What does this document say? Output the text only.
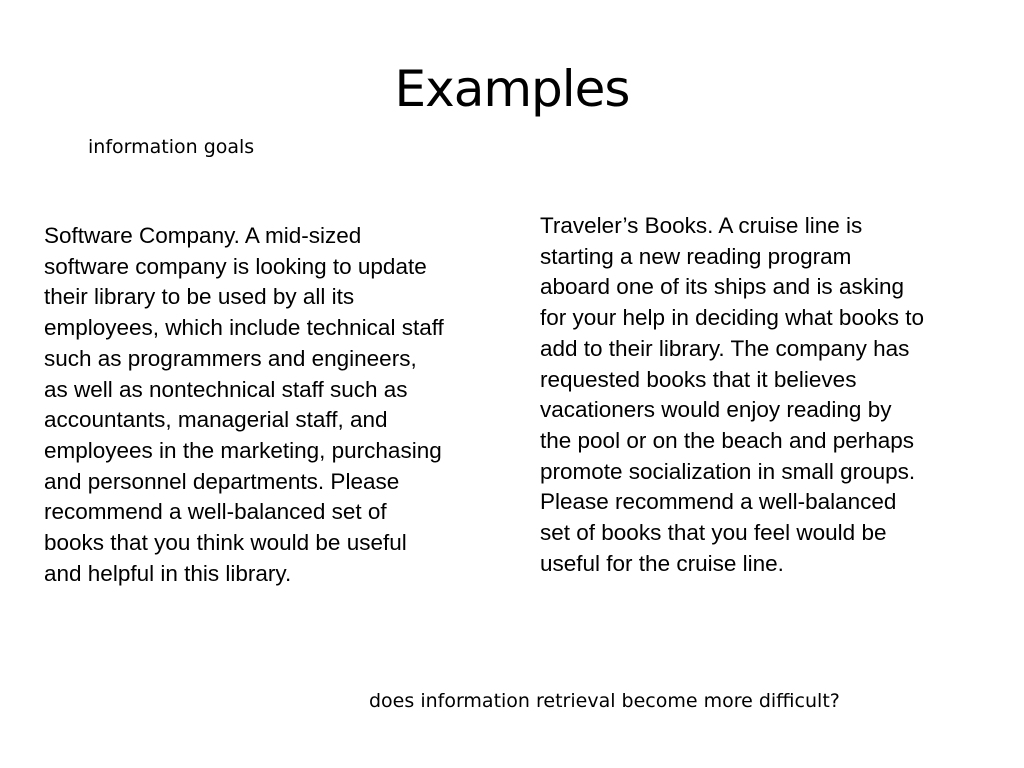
Examples
information goals
Software Company. A mid-sized
software company is looking to update
their library to be used by all its
employees, which include technical staff
such as programmers and engineers,
as well as nontechnical staff such as
accountants, managerial staff, and
employees in the marketing, purchasing
and personnel departments. Please
recommend a well-balanced set of
books that you think would be useful
and helpful in this library.
Traveler’s Books. A cruise line is
starting a new reading program
aboard one of its ships and is asking
for your help in deciding what books to
add to their library. The company has
requested books that it believes
vacationers would enjoy reading by
the pool or on the beach and perhaps
promote socialization in small groups.
Please recommend a well-balanced
set of books that you feel would be
useful for the cruise line.
does information retrieval become more difficult?
